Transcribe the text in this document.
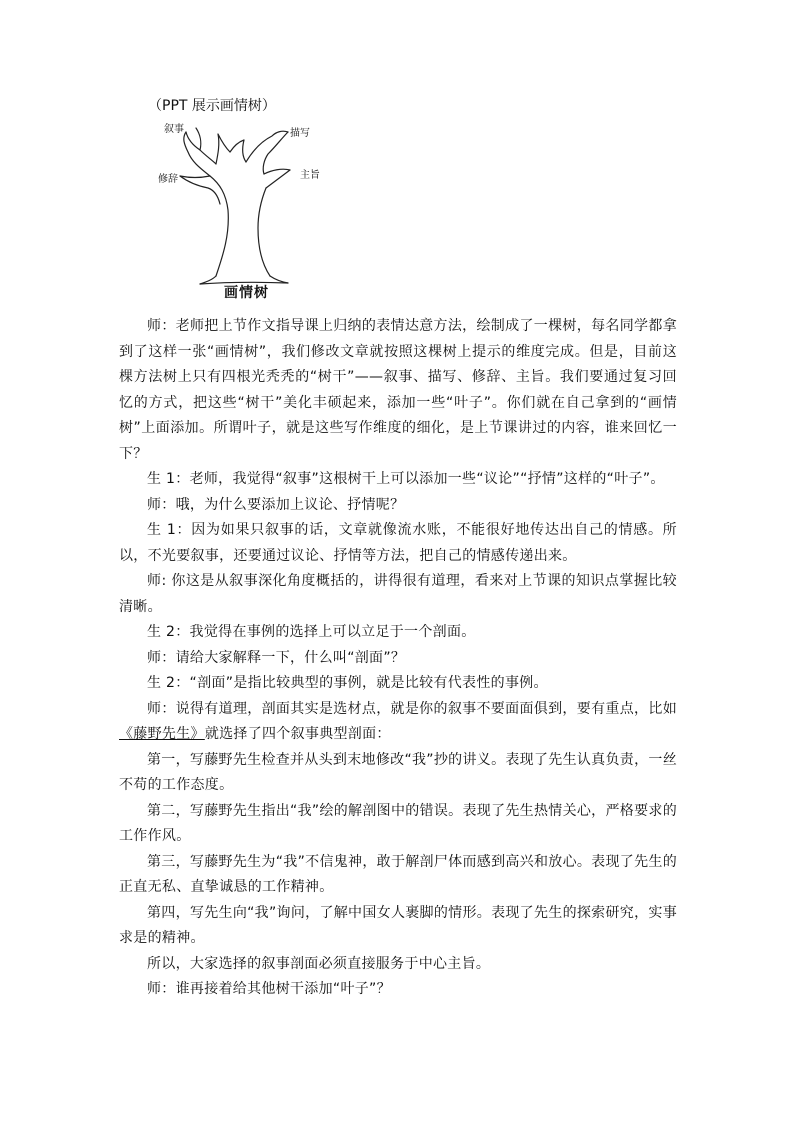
（PPT 展示画情树）
叙事	描写
修辞	主旨
画情树

师：老师把上节作文指导课上归纳的表情达意方法，绘制成了一棵树，每名同学都拿到了这样一张“画情树”，我们修改文章就按照这棵树上提示的维度完成。但是，目前这棵方法树上只有四根光秃秃的“树干”——叙事、描写、修辞、主旨。我们要通过复习回忆的方式，把这些“树干”美化丰硕起来，添加一些“叶子”。你们就在自己拿到的“画情树”上面添加。所谓叶子，就是这些写作维度的细化，是上节课讲过的内容，谁来回忆一下？

生 1：老师，我觉得“叙事”这根树干上可以添加一些“议论”“抒情”这样的“叶子”。

师：哦，为什么要添加上议论、抒情呢？

生 1：因为如果只叙事的话，文章就像流水账，不能很好地传达出自己的情感。所以，不光要叙事，还要通过议论、抒情等方法，把自己的情感传递出来。

师: 你这是从叙事深化角度概括的，讲得很有道理，看来对上节课的知识点掌握比较清晰。

生 2：我觉得在事例的选择上可以立足于一个剖面。

师：请给大家解释一下，什么叫“剖面”？

生 2：“剖面”是指比较典型的事例，就是比较有代表性的事例。

师：说得有道理，剖面其实是选材点，就是你的叙事不要面面俱到，要有重点，比如《藤野先生》就选择了四个叙事典型剖面：

第一，写藤野先生检查并从头到末地修改“我”抄的讲义。表现了先生认真负责，一丝不苟的工作态度。

第二，写藤野先生指出“我”绘的解剖图中的错误。表现了先生热情关心，严格要求的工作作风。

第三，写藤野先生为“我”不信鬼神，敢于解剖尸体而感到高兴和放心。表现了先生的正直无私、直挚诚恳的工作精神。

第四，写先生向“我”询问，了解中国女人裹脚的情形。表现了先生的探索研究，实事求是的精神。

所以，大家选择的叙事剖面必须直接服务于中心主旨。

师：谁再接着给其他树干添加“叶子”？
